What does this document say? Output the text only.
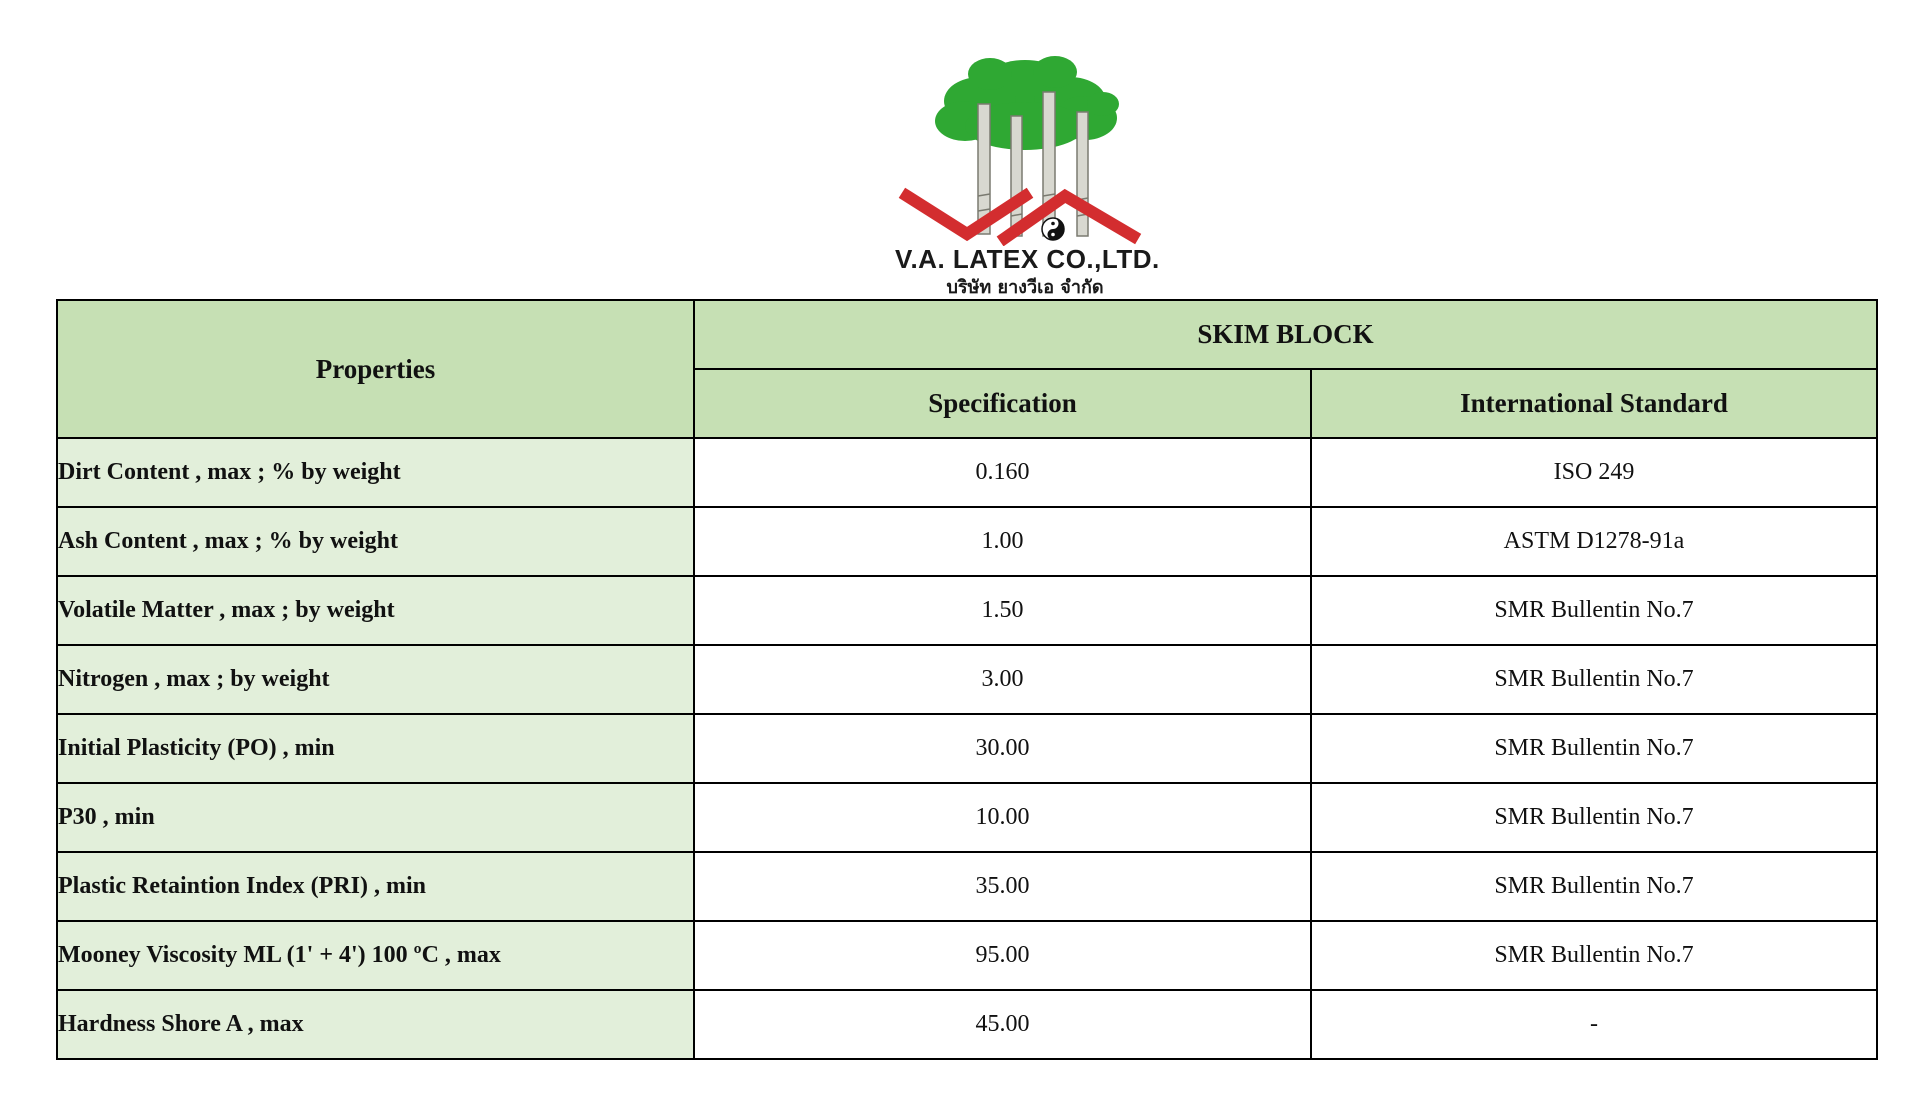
V.A. LATEX CO.,LTD.
บริษัท ยางวีเอ จำกัด
Properties	SKIM BLOCK	
	Specification	International Standard
Dirt Content , max ; % by weight	0.160	ISO 249
Ash Content , max ; % by weight	1.00	ASTM D1278-91a
Volatile Matter , max ; by weight	1.50	SMR Bullentin No.7
Nitrogen , max ; by weight	3.00	SMR Bullentin No.7
Initial Plasticity (PO) , min	30.00	SMR Bullentin No.7
P30 , min	10.00	SMR Bullentin No.7
Plastic Retaintion Index (PRI) , min	35.00	SMR Bullentin No.7
Mooney Viscosity ML (1' + 4') 100 ºC , max	95.00	SMR Bullentin No.7
Hardness Shore A , max	45.00	-
